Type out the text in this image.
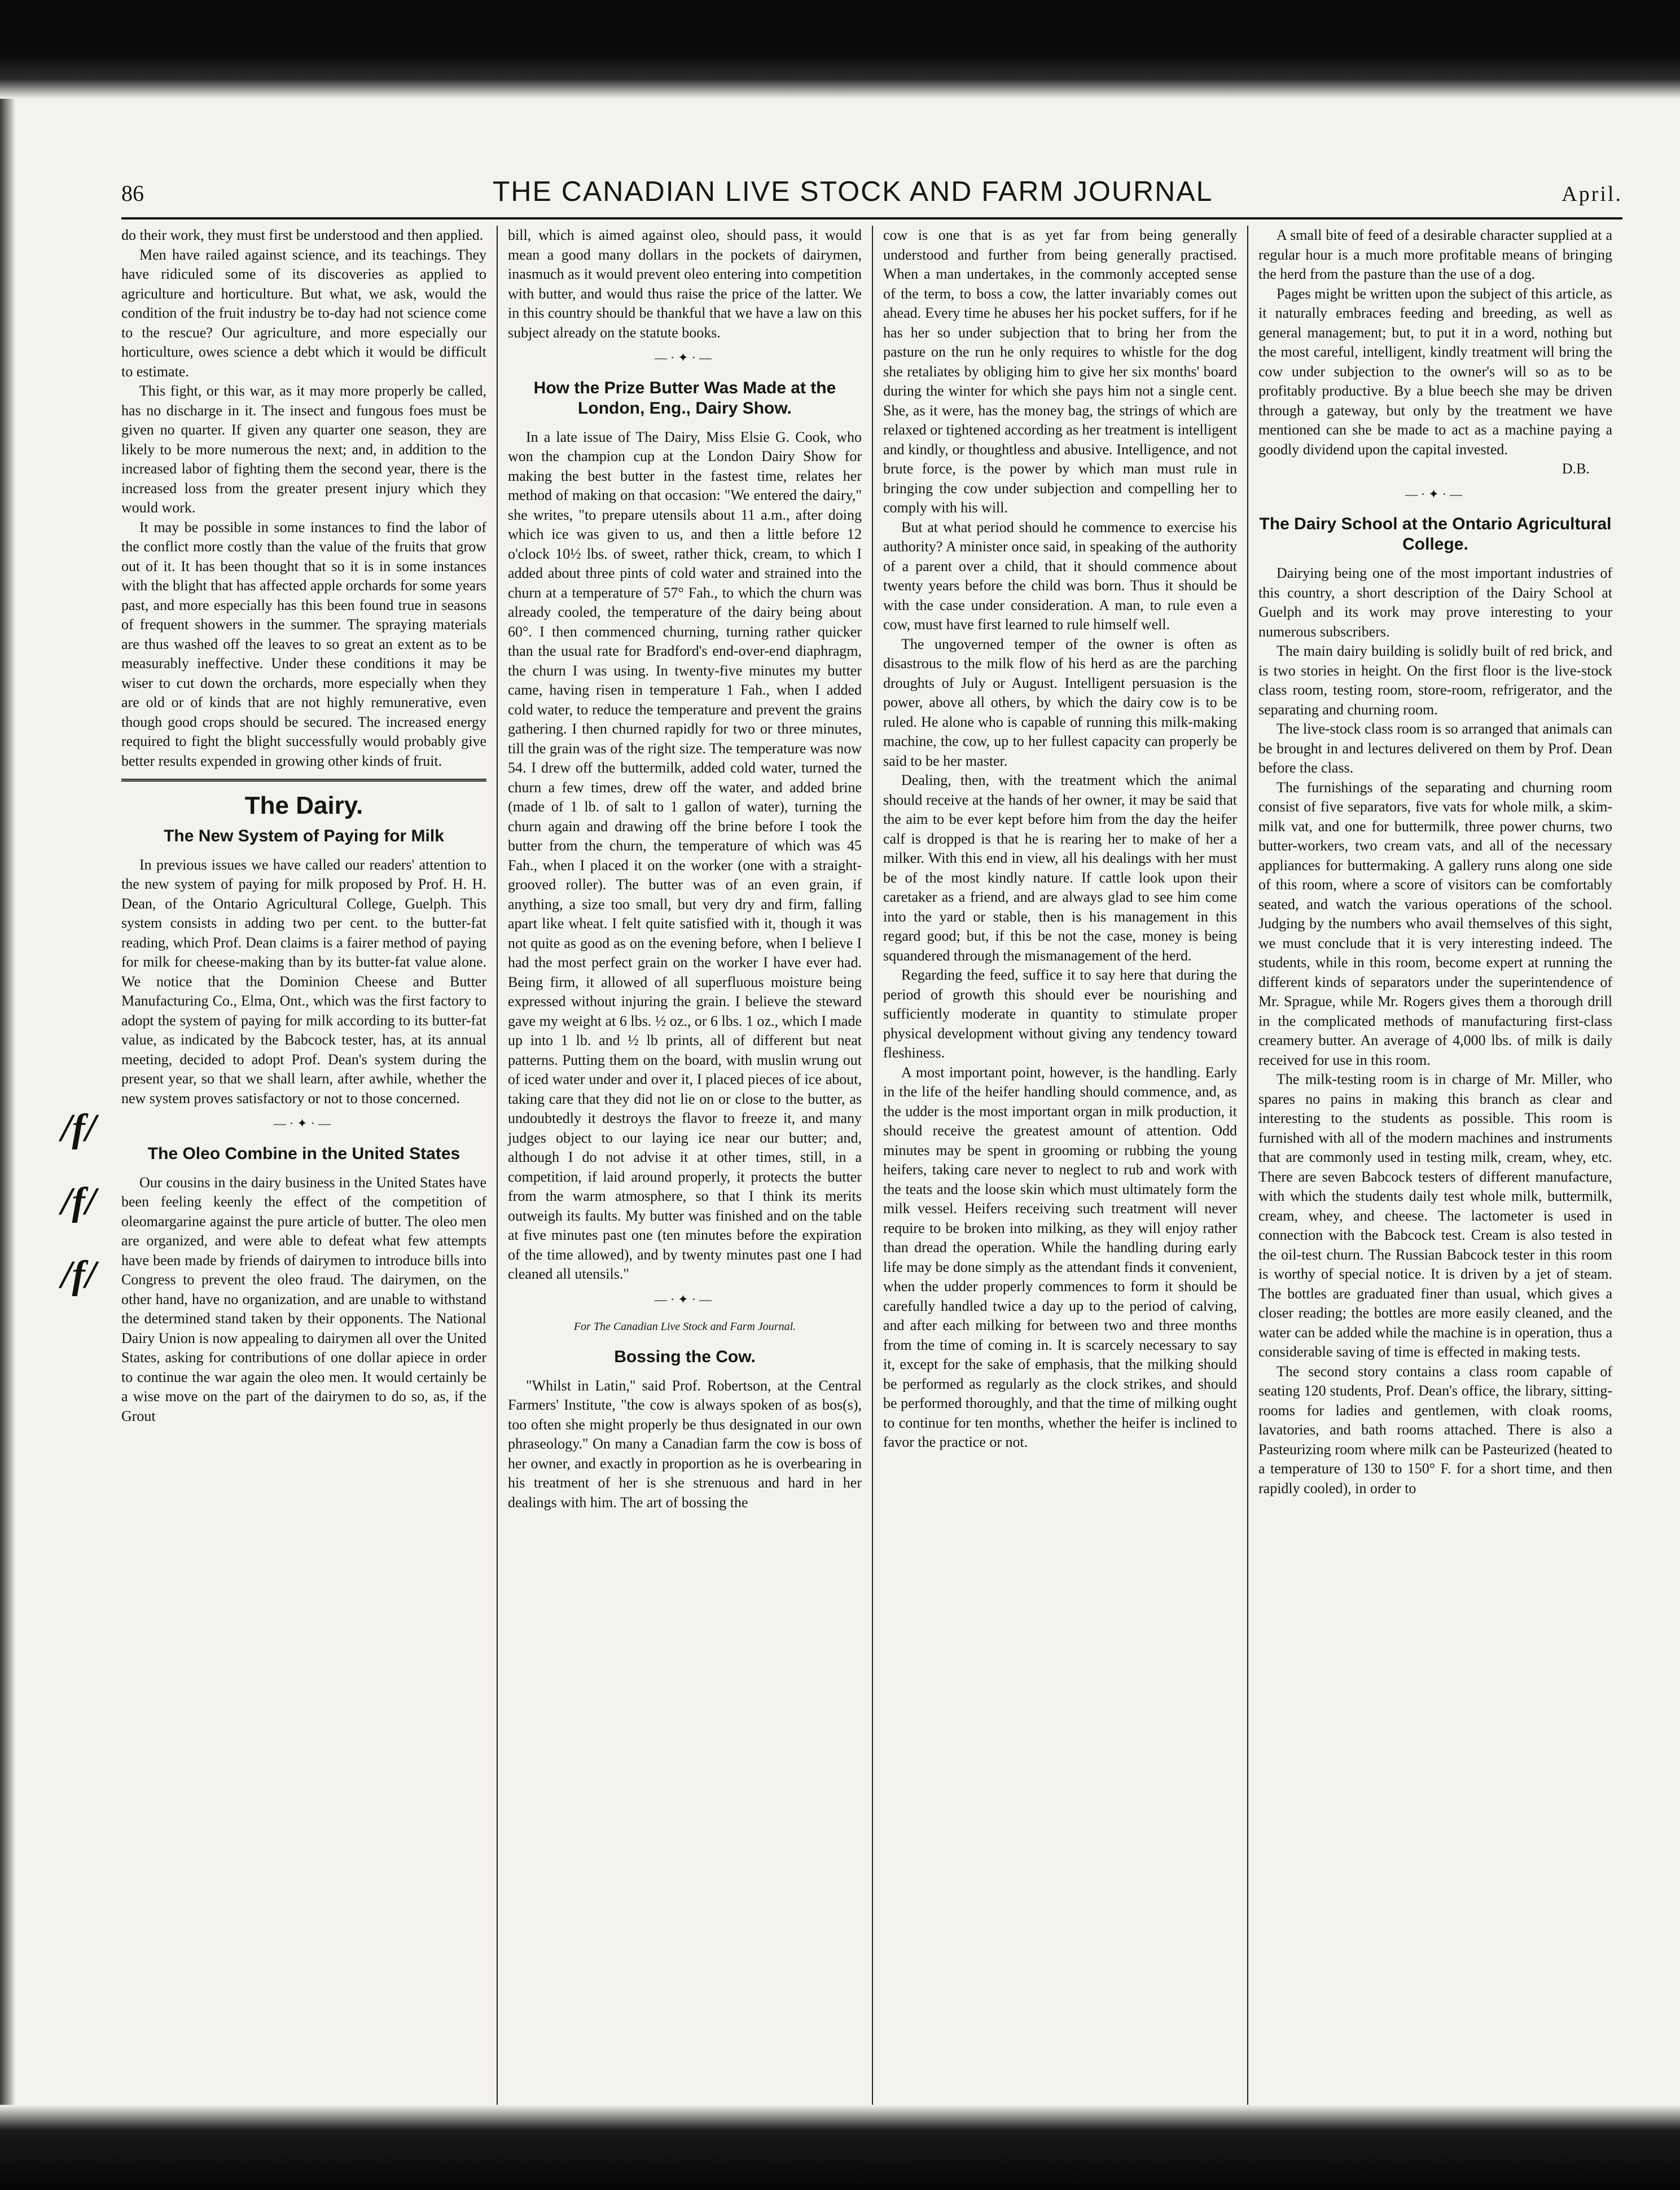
/f/
/f/
/f/
86	THE CANADIAN LIVE STOCK AND FARM JOURNAL	April.

do their work, they must first be understood and then applied.

Men have railed against science, and its teachings. They have ridiculed some of its discoveries as applied to agriculture and horticulture. But what, we ask, would the condition of the fruit industry be to-day had not science come to the rescue? Our agriculture, and more especially our horticulture, owes science a debt which it would be difficult to estimate.

This fight, or this war, as it may more properly be called, has no discharge in it. The insect and fungous foes must be given no quarter. If given any quarter one season, they are likely to be more numerous the next; and, in addition to the increased labor of fighting them the second year, there is the increased loss from the greater present injury which they would work.

It may be possible in some instances to find the labor of the conflict more costly than the value of the fruits that grow out of it. It has been thought that so it is in some instances with the blight that has affected apple orchards for some years past, and more especially has this been found true in seasons of frequent showers in the summer. The spraying materials are thus washed off the leaves to so great an extent as to be measurably ineffective. Under these conditions it may be wiser to cut down the orchards, more especially when they are old or of kinds that are not highly remunerative, even though good crops should be secured. The increased energy required to fight the blight successfully would probably give better results expended in growing other kinds of fruit.

The Dairy.
The New System of Paying for Milk

In previous issues we have called our readers' attention to the new system of paying for milk proposed by Prof. H. H. Dean, of the Ontario Agricultural College, Guelph. This system consists in adding two per cent. to the butter-fat reading, which Prof. Dean claims is a fairer method of paying for milk for cheese-making than by its butter-fat value alone. We notice that the Dominion Cheese and Butter Manufacturing Co., Elma, Ont., which was the first factory to adopt the system of paying for milk according to its butter-fat value, as indicated by the Babcock tester, has, at its annual meeting, decided to adopt Prof. Dean's system during the present year, so that we shall learn, after awhile, whether the new system proves satisfactory or not to those concerned.

—·✦·—
The Oleo Combine in the United States

Our cousins in the dairy business in the United States have been feeling keenly the effect of the competition of oleomargarine against the pure article of butter. The oleo men are organized, and were able to defeat what few attempts have been made by friends of dairymen to introduce bills into Congress to prevent the oleo fraud. The dairymen, on the other hand, have no organization, and are unable to withstand the determined stand taken by their opponents. The National Dairy Union is now appealing to dairymen all over the United States, asking for contributions of one dollar apiece in order to continue the war again the oleo men. It would certainly be a wise move on the part of the dairymen to do so, as, if the Grout

bill, which is aimed against oleo, should pass, it would mean a good many dollars in the pockets of dairymen, inasmuch as it would prevent oleo entering into competition with butter, and would thus raise the price of the latter. We in this country should be thankful that we have a law on this subject already on the statute books.

—·✦·—
How the Prize Butter Was Made at the London, Eng., Dairy Show.

In a late issue of The Dairy, Miss Elsie G. Cook, who won the champion cup at the London Dairy Show for making the best butter in the fastest time, relates her method of making on that occasion: "We entered the dairy," she writes, "to prepare utensils about 11 a.m., after doing which ice was given to us, and then a little before 12 o'clock 10½ lbs. of sweet, rather thick, cream, to which I added about three pints of cold water and strained into the churn at a temperature of 57° Fah., to which the churn was already cooled, the temperature of the dairy being about 60°. I then commenced churning, turning rather quicker than the usual rate for Bradford's end-over-end diaphragm, the churn I was using. In twenty-five minutes my butter came, having risen in temperature 1 Fah., when I added cold water, to reduce the temperature and prevent the grains gathering. I then churned rapidly for two or three minutes, till the grain was of the right size. The temperature was now 54. I drew off the buttermilk, added cold water, turned the churn a few times, drew off the water, and added brine (made of 1 lb. of salt to 1 gallon of water), turning the churn again and drawing off the brine before I took the butter from the churn, the temperature of which was 45 Fah., when I placed it on the worker (one with a straight-grooved roller). The butter was of an even grain, if anything, a size too small, but very dry and firm, falling apart like wheat. I felt quite satisfied with it, though it was not quite as good as on the evening before, when I believe I had the most perfect grain on the worker I have ever had. Being firm, it allowed of all superfluous moisture being expressed without injuring the grain. I believe the steward gave my weight at 6 lbs. ½ oz., or 6 lbs. 1 oz., which I made up into 1 lb. and ½ lb prints, all of different but neat patterns. Putting them on the board, with muslin wrung out of iced water under and over it, I placed pieces of ice about, taking care that they did not lie on or close to the butter, as undoubtedly it destroys the flavor to freeze it, and many judges object to our laying ice near our butter; and, although I do not advise it at other times, still, in a competition, if laid around properly, it protects the butter from the warm atmosphere, so that I think its merits outweigh its faults. My butter was finished and on the table at five minutes past one (ten minutes before the expiration of the time allowed), and by twenty minutes past one I had cleaned all utensils."

—·✦·—
For The Canadian Live Stock and Farm Journal.
Bossing the Cow.

"Whilst in Latin," said Prof. Robertson, at the Central Farmers' Institute, "the cow is always spoken of as bos(s), too often she might properly be thus designated in our own phraseology." On many a Canadian farm the cow is boss of her owner, and exactly in proportion as he is overbearing in his treatment of her is she strenuous and hard in her dealings with him. The art of bossing the

cow is one that is as yet far from being generally understood and further from being generally practised. When a man undertakes, in the commonly accepted sense of the term, to boss a cow, the latter invariably comes out ahead. Every time he abuses her his pocket suffers, for if he has her so under subjection that to bring her from the pasture on the run he only requires to whistle for the dog she retaliates by obliging him to give her six months' board during the winter for which she pays him not a single cent. She, as it were, has the money bag, the strings of which are relaxed or tightened according as her treatment is intelligent and kindly, or thoughtless and abusive. Intelligence, and not brute force, is the power by which man must rule in bringing the cow under subjection and compelling her to comply with his will.

But at what period should he commence to exercise his authority? A minister once said, in speaking of the authority of a parent over a child, that it should commence about twenty years before the child was born. Thus it should be with the case under consideration. A man, to rule even a cow, must have first learned to rule himself well.

The ungoverned temper of the owner is often as disastrous to the milk flow of his herd as are the parching droughts of July or August. Intelligent persuasion is the power, above all others, by which the dairy cow is to be ruled. He alone who is capable of running this milk-making machine, the cow, up to her fullest capacity can properly be said to be her master.

Dealing, then, with the treatment which the animal should receive at the hands of her owner, it may be said that the aim to be ever kept before him from the day the heifer calf is dropped is that he is rearing her to make of her a milker. With this end in view, all his dealings with her must be of the most kindly nature. If cattle look upon their caretaker as a friend, and are always glad to see him come into the yard or stable, then is his management in this regard good; but, if this be not the case, money is being squandered through the mismanagement of the herd.

Regarding the feed, suffice it to say here that during the period of growth this should ever be nourishing and sufficiently moderate in quantity to stimulate proper physical development without giving any tendency toward fleshiness.

A most important point, however, is the handling. Early in the life of the heifer handling should commence, and, as the udder is the most important organ in milk production, it should receive the greatest amount of attention. Odd minutes may be spent in grooming or rubbing the young heifers, taking care never to neglect to rub and work with the teats and the loose skin which must ultimately form the milk vessel. Heifers receiving such treatment will never require to be broken into milking, as they will enjoy rather than dread the operation. While the handling during early life may be done simply as the attendant finds it convenient, when the udder properly commences to form it should be carefully handled twice a day up to the period of calving, and after each milking for between two and three months from the time of coming in. It is scarcely necessary to say it, except for the sake of emphasis, that the milking should be performed as regularly as the clock strikes, and should be performed thoroughly, and that the time of milking ought to continue for ten months, whether the heifer is inclined to favor the practice or not.

A small bite of feed of a desirable character supplied at a regular hour is a much more profitable means of bringing the herd from the pasture than the use of a dog.

Pages might be written upon the subject of this article, as it naturally embraces feeding and breeding, as well as general management; but, to put it in a word, nothing but the most careful, intelligent, kindly treatment will bring the cow under subjection to the owner's will so as to be profitably productive. By a blue beech she may be driven through a gateway, but only by the treatment we have mentioned can she be made to act as a machine paying a goodly dividend upon the capital invested.

D.B.
—·✦·—
The Dairy School at the Ontario Agricultural College.

Dairying being one of the most important industries of this country, a short description of the Dairy School at Guelph and its work may prove interesting to your numerous subscribers.

The main dairy building is solidly built of red brick, and is two stories in height. On the first floor is the live-stock class room, testing room, store-room, refrigerator, and the separating and churning room.

The live-stock class room is so arranged that animals can be brought in and lectures delivered on them by Prof. Dean before the class.

The furnishings of the separating and churning room consist of five separators, five vats for whole milk, a skim-milk vat, and one for buttermilk, three power churns, two butter-workers, two cream vats, and all of the necessary appliances for buttermaking. A gallery runs along one side of this room, where a score of visitors can be comfortably seated, and watch the various operations of the school. Judging by the numbers who avail themselves of this sight, we must conclude that it is very interesting indeed. The students, while in this room, become expert at running the different kinds of separators under the superintendence of Mr. Sprague, while Mr. Rogers gives them a thorough drill in the complicated methods of manufacturing first-class creamery butter. An average of 4,000 lbs. of milk is daily received for use in this room.

The milk-testing room is in charge of Mr. Miller, who spares no pains in making this branch as clear and interesting to the students as possible. This room is furnished with all of the modern machines and instruments that are commonly used in testing milk, cream, whey, etc. There are seven Babcock testers of different manufacture, with which the students daily test whole milk, buttermilk, cream, whey, and cheese. The lactometer is used in connection with the Babcock test. Cream is also tested in the oil-test churn. The Russian Babcock tester in this room is worthy of special notice. It is driven by a jet of steam. The bottles are graduated finer than usual, which gives a closer reading; the bottles are more easily cleaned, and the water can be added while the machine is in operation, thus a considerable saving of time is effected in making tests.

The second story contains a class room capable of seating 120 students, Prof. Dean's office, the library, sitting-rooms for ladies and gentlemen, with cloak rooms, lavatories, and bath rooms attached. There is also a Pasteurizing room where milk can be Pasteurized (heated to a temperature of 130 to 150° F. for a short time, and then rapidly cooled), in order to
